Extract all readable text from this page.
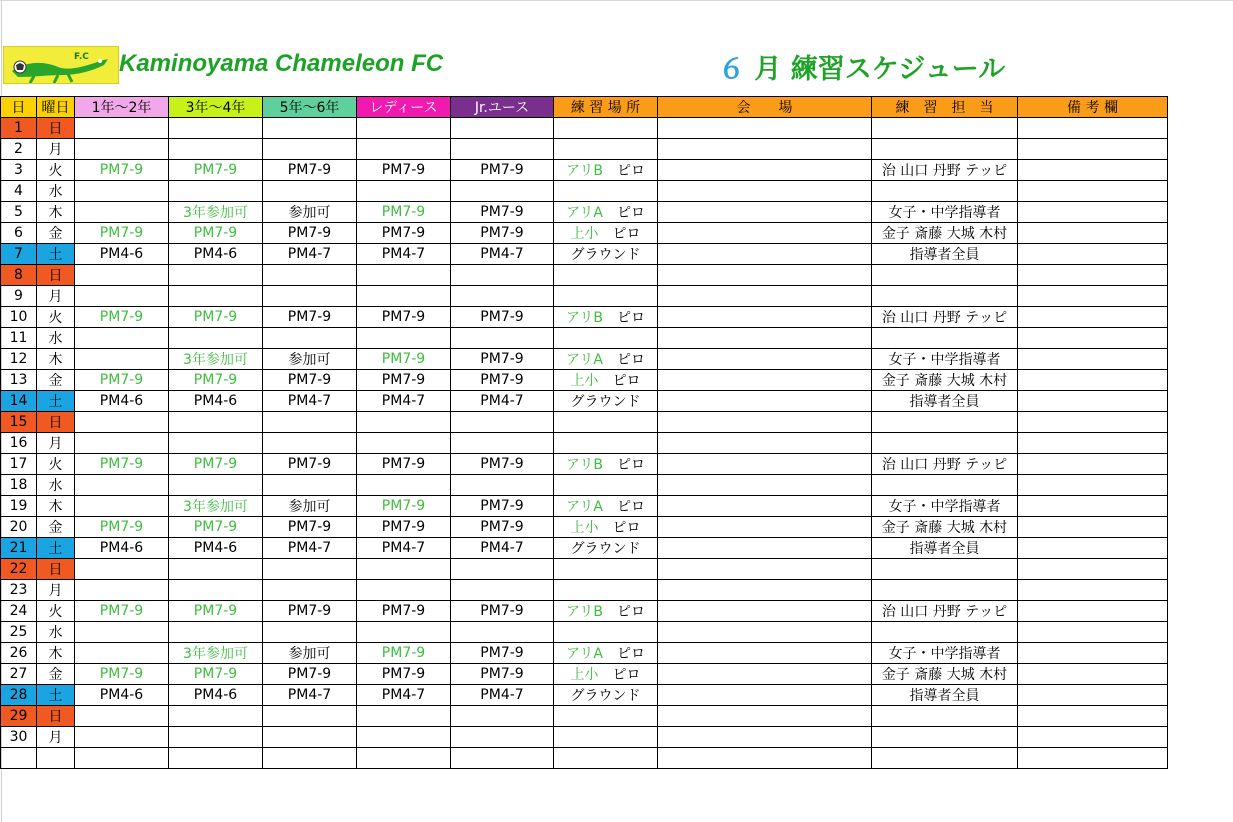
F.C Kaminoyama Chameleon FC	６ 月 練習スケジュール
日	曜日	1年～2年	3年～4年	5年～6年	レディース	Jr.ユース	練 習 場 所	会　　場	練　習　担　当	備 考 欄
1	日									
2	月									
3	火	PM7-9	PM7-9	PM7-9	PM7-9	PM7-9	アリB　 ピロ		治 山口 丹野 テッピ	
4	水									
5	木		3年参加可	参加可	PM7-9	PM7-9	アリA　 ピロ		女子・中学指導者	
6	金	PM7-9	PM7-9	PM7-9	PM7-9	PM7-9	上小　 ピロ		金子 斎藤 大城 木村	
7	土	PM4-6	PM4-6	PM4-7	PM4-7	PM4-7	グラウンド		指導者全員	
8	日									
9	月									
10	火	PM7-9	PM7-9	PM7-9	PM7-9	PM7-9	アリB　 ピロ		治 山口 丹野 テッピ	
11	水									
12	木		3年参加可	参加可	PM7-9	PM7-9	アリA　 ピロ		女子・中学指導者	
13	金	PM7-9	PM7-9	PM7-9	PM7-9	PM7-9	上小　 ピロ		金子 斎藤 大城 木村	
14	土	PM4-6	PM4-6	PM4-7	PM4-7	PM4-7	グラウンド		指導者全員	
15	日									
16	月									
17	火	PM7-9	PM7-9	PM7-9	PM7-9	PM7-9	アリB　 ピロ		治 山口 丹野 テッピ	
18	水									
19	木		3年参加可	参加可	PM7-9	PM7-9	アリA　 ピロ		女子・中学指導者	
20	金	PM7-9	PM7-9	PM7-9	PM7-9	PM7-9	上小　 ピロ		金子 斎藤 大城 木村	
21	土	PM4-6	PM4-6	PM4-7	PM4-7	PM4-7	グラウンド		指導者全員	
22	日									
23	月									
24	火	PM7-9	PM7-9	PM7-9	PM7-9	PM7-9	アリB　 ピロ		治 山口 丹野 テッピ	
25	水									
26	木		3年参加可	参加可	PM7-9	PM7-9	アリA　 ピロ		女子・中学指導者	
27	金	PM7-9	PM7-9	PM7-9	PM7-9	PM7-9	上小　 ピロ		金子 斎藤 大城 木村	
28	土	PM4-6	PM4-6	PM4-7	PM4-7	PM4-7	グラウンド		指導者全員	
29	日									
30	月									
